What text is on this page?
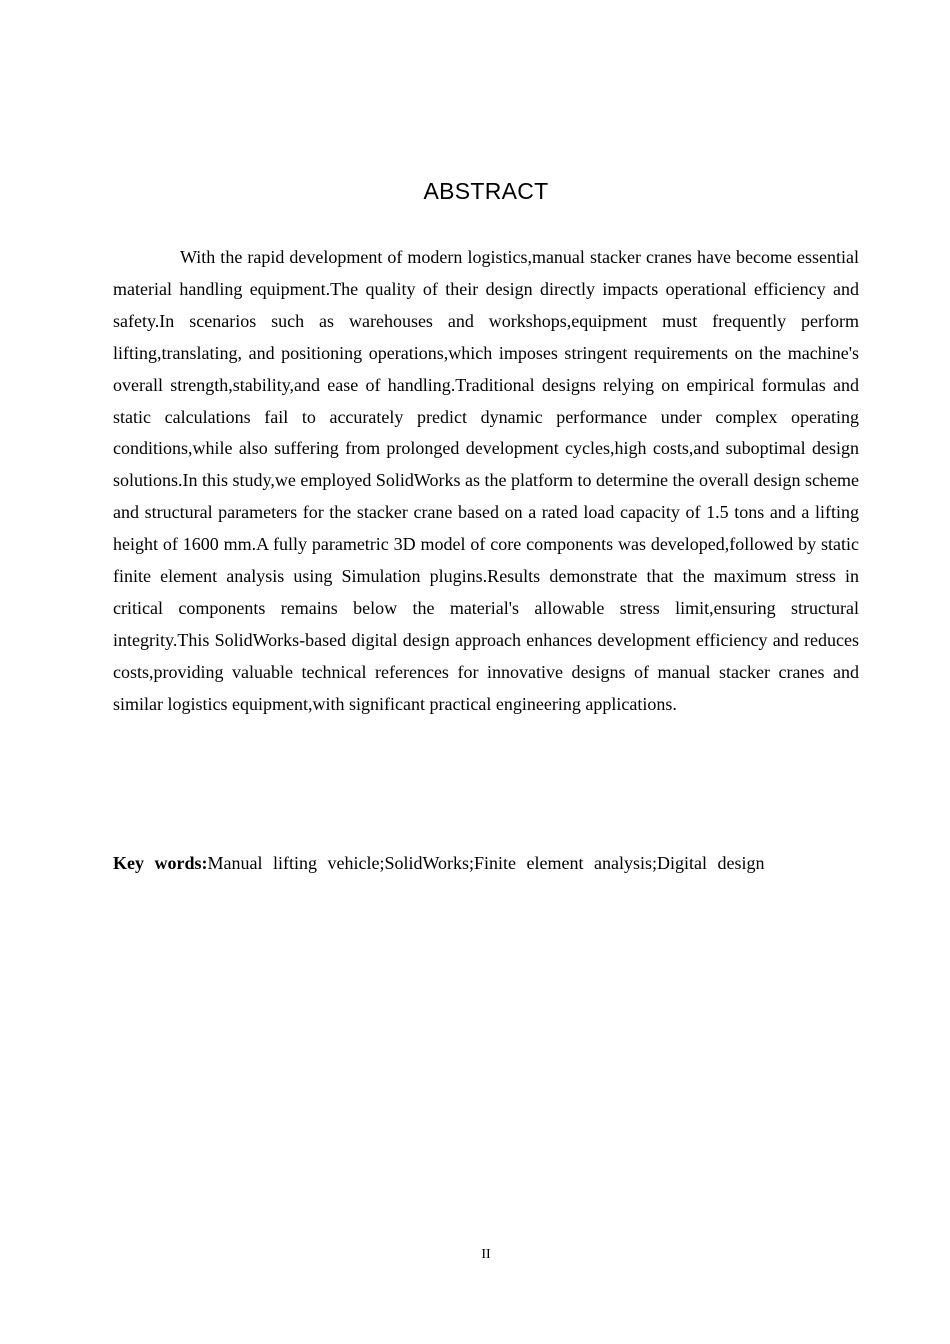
ABSTRACT

With the rapid development of modern logistics,manual stacker cranes have become essential material handling equipment.The quality of their design directly impacts operational efficiency and safety.In scenarios such as warehouses and workshops,equipment must frequently perform lifting,translating, and positioning operations,which imposes stringent requirements on the machine's overall strength,stability,and ease of handling.Traditional designs relying on empirical formulas and static calculations fail to accurately predict dynamic performance under complex operating conditions,while also suffering from prolonged development cycles,high costs,and suboptimal design solutions.In this study,we employed SolidWorks as the platform to determine the overall design scheme and structural parameters for the stacker crane based on a rated load capacity of 1.5 tons and a lifting height of 1600 mm.A fully parametric 3D model of core components was developed,followed by static finite element analysis using Simulation plugins.Results demonstrate that the maximum stress in critical components remains below the material's allowable stress limit,ensuring structural integrity.This SolidWorks-based digital design approach enhances development efficiency and reduces costs,providing valuable technical references for innovative designs of manual stacker cranes and similar logistics equipment,with significant practical engineering applications.

Key words:Manual lifting vehicle;SolidWorks;Finite element analysis;Digital design

II
